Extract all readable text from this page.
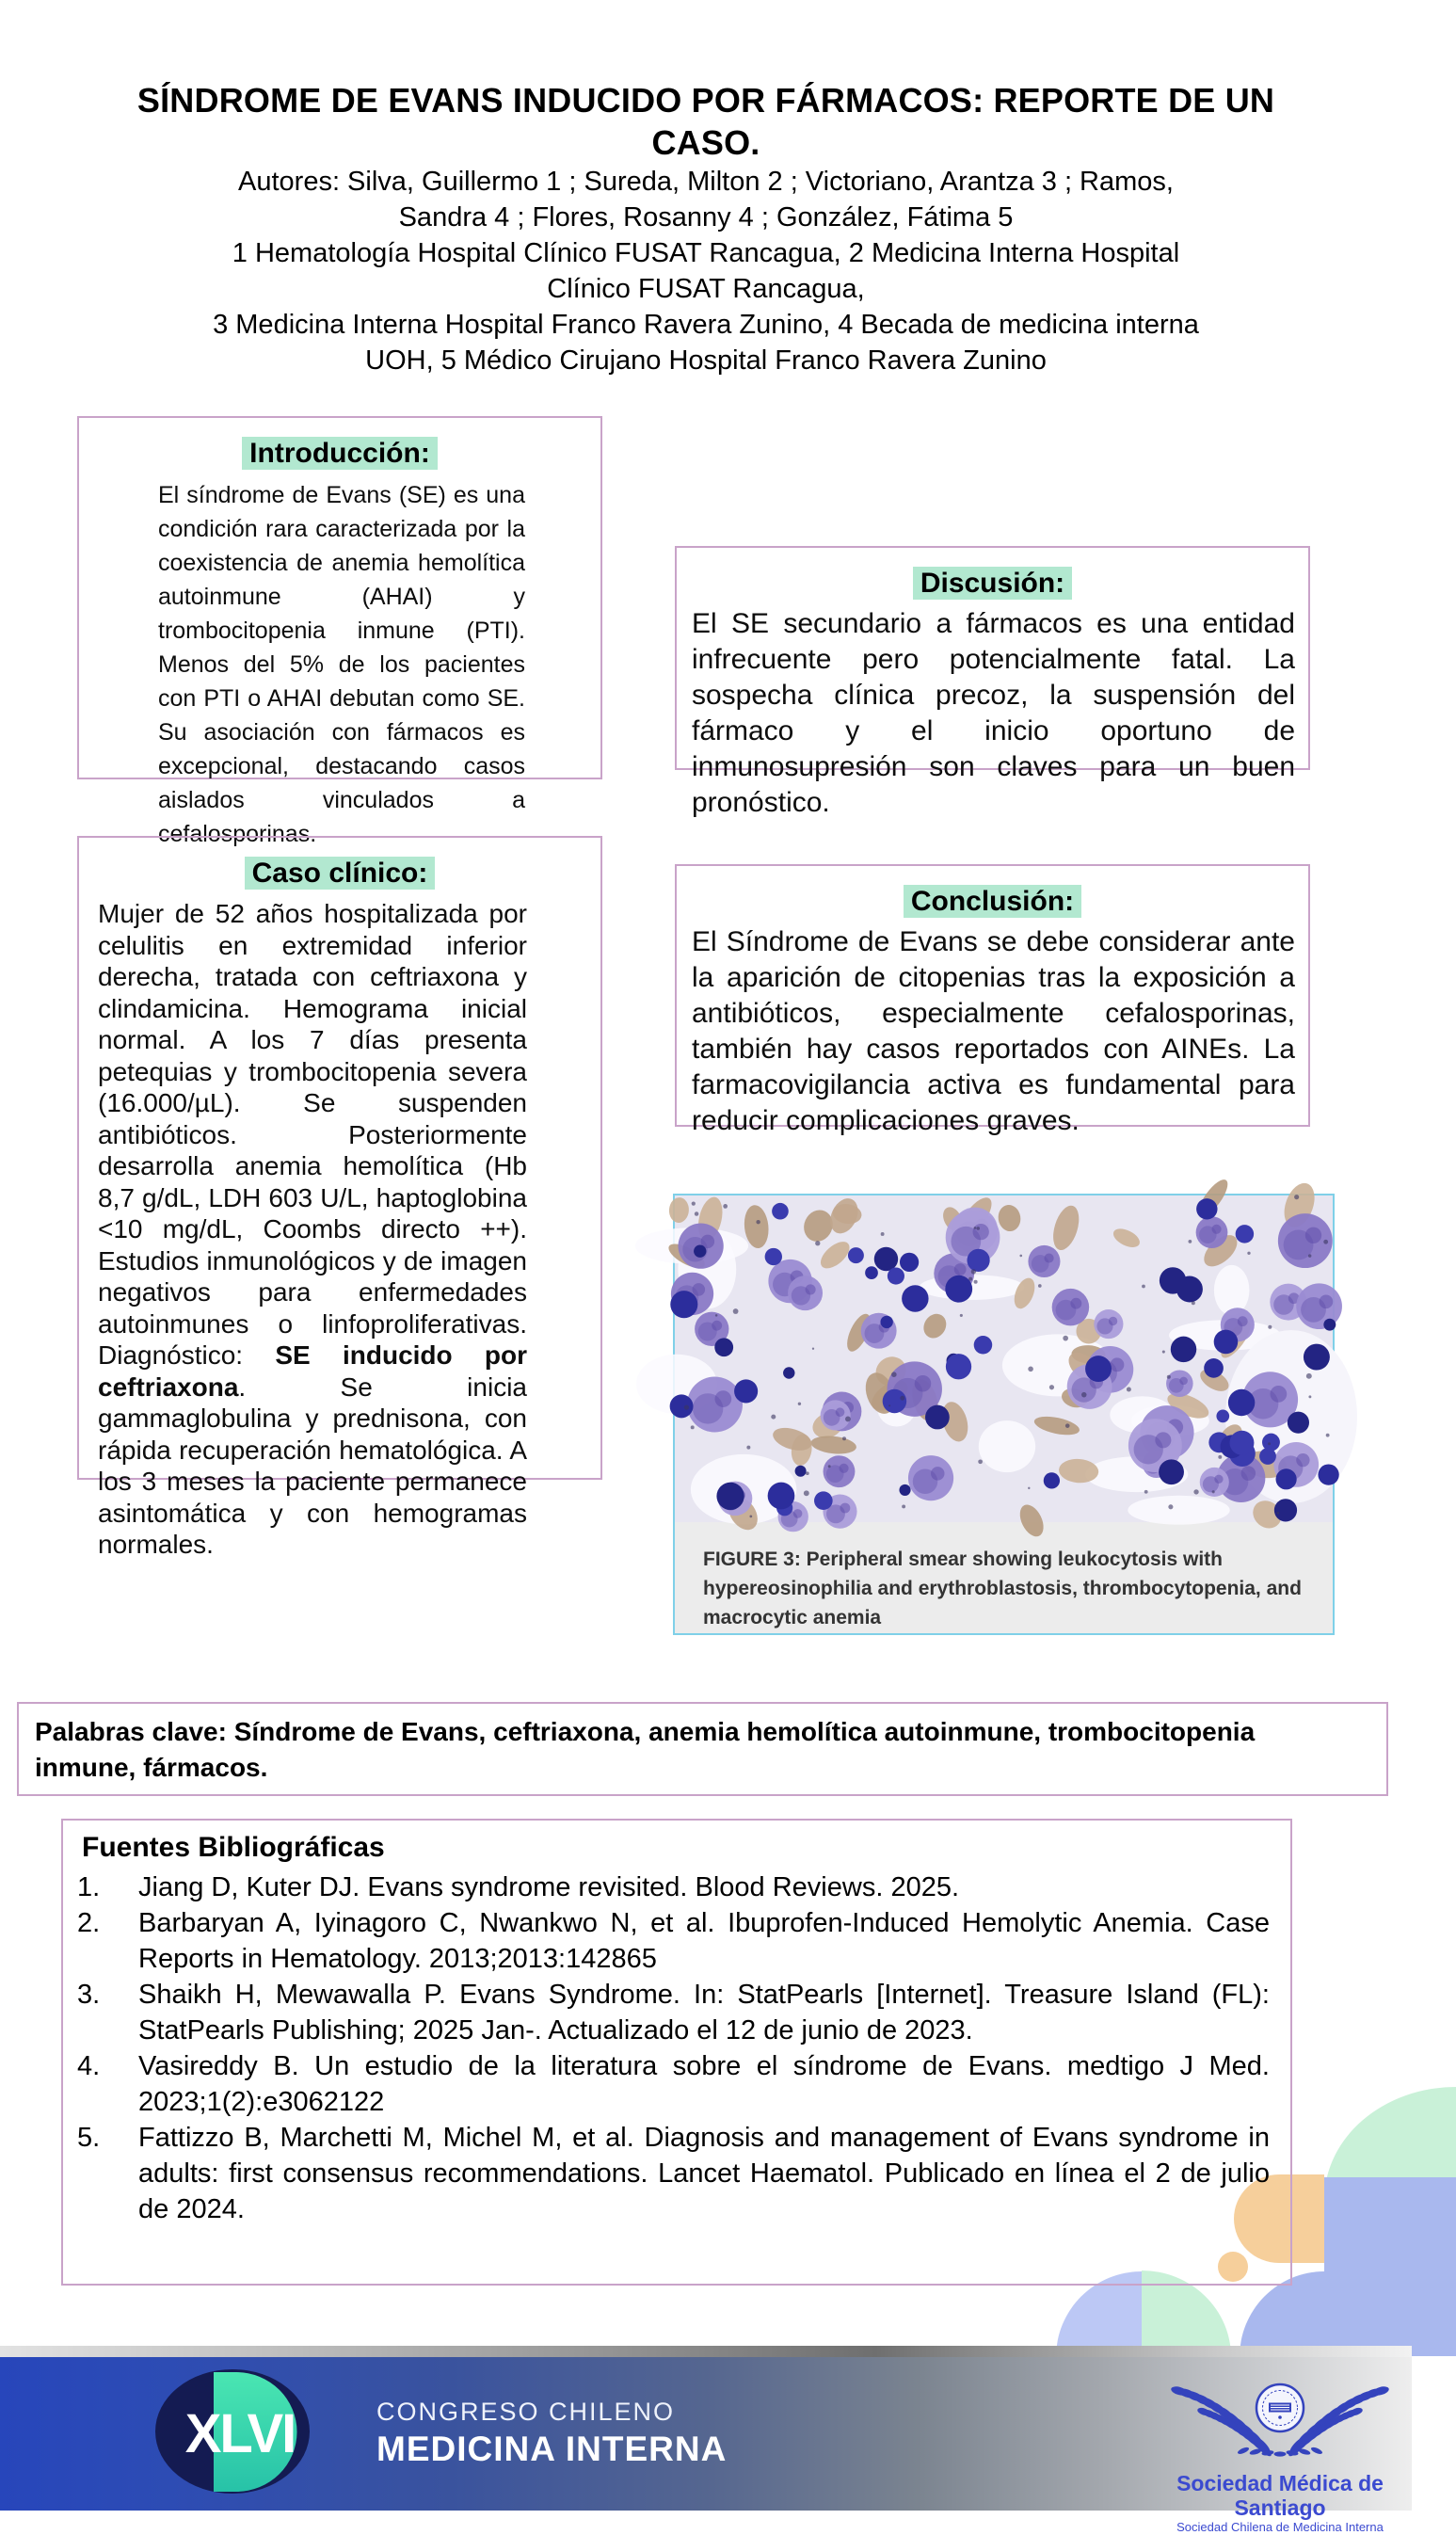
SÍNDROME DE EVANS INDUCIDO POR FÁRMACOS: REPORTE DE UN
CASO.
Autores: Silva, Guillermo 1 ; Sureda, Milton 2 ; Victoriano, Arantza 3 ; Ramos,
Sandra 4 ; Flores, Rosanny 4 ; González, Fátima 5
1 Hematología Hospital Clínico FUSAT Rancagua, 2 Medicina Interna Hospital
Clínico FUSAT Rancagua,
3 Medicina Interna Hospital Franco Ravera Zunino, 4 Becada de medicina interna
UOH, 5 Médico Cirujano Hospital Franco Ravera Zunino
Introducción:
El síndrome de Evans (SE) es una condición rara caracterizada por la coexistencia de anemia hemolítica autoinmune (AHAI) y trombocitopenia inmune (PTI). Menos del 5% de los pacientes con PTI o AHAI debutan como SE. Su asociación con fármacos es excepcional, destacando casos aislados vinculados a cefalosporinas.
Discusión:
El SE secundario a fármacos es una entidad infrecuente pero potencialmente fatal. La sospecha clínica precoz, la suspensión del fármaco y el inicio oportuno de inmunosupresión son claves para un buen pronóstico.
Caso clínico:
Mujer de 52 años hospitalizada por celulitis en extremidad inferior derecha, tratada con ceftriaxona y clindamicina. Hemograma inicial normal. A los 7 días presenta petequias y trombocitopenia severa (16.000/µL). Se suspenden antibióticos. Posteriormente desarrolla anemia hemolítica (Hb 8,7 g/dL, LDH 603 U/L, haptoglobina <10 mg/dL, Coombs directo ++). Estudios inmunológicos y de imagen negativos para enfermedades autoinmunes o linfoproliferativas. Diagnóstico: SE inducido por ceftriaxona. Se inicia gammaglobulina y prednisona, con rápida recuperación hematológica. A los 3 meses la paciente permanece asintomática y con hemogramas normales.
Conclusión:
El Síndrome de Evans se debe considerar ante la aparición de citopenias tras la exposición a antibióticos, especialmente cefalosporinas, también hay casos reportados con AINEs. La farmacovigilancia activa es fundamental para reducir complicaciones graves.
FIGURE 3: Peripheral smear showing leukocytosis with
hypereosinophilia and erythroblastosis, thrombocytopenia, and
macrocytic anemia
Palabras clave: Síndrome de Evans, ceftriaxona, anemia hemolítica autoinmune, trombocitopenia
inmune, fármacos.
Fuentes Bibliográficas
1.	Jiang D, Kuter DJ. Evans syndrome revisited. Blood Reviews. 2025.
2.	Barbaryan A, Iyinagoro C, Nwankwo N, et al. Ibuprofen-Induced Hemolytic Anemia. Case Reports in Hematology. 2013;2013:142865
3.	Shaikh H, Mewawalla P. Evans Syndrome. In: StatPearls [Internet]. Treasure Island (FL): StatPearls Publishing; 2025 Jan-. Actualizado el 12 de junio de 2023.
4.	Vasireddy B. Un estudio de la literatura sobre el síndrome de Evans. medtigo J Med. 2023;1(2):e3062122
5.	Fattizzo B, Marchetti M, Michel M, et al. Diagnosis and management of Evans syndrome in adults: first consensus recommendations. Lancet Haematol. Publicado en línea el 2 de julio de 2024.
XLVI	CONGRESO CHILENO
MEDICINA INTERNA
Sociedad Médica de Santiago
Sociedad Chilena de Medicina Interna
